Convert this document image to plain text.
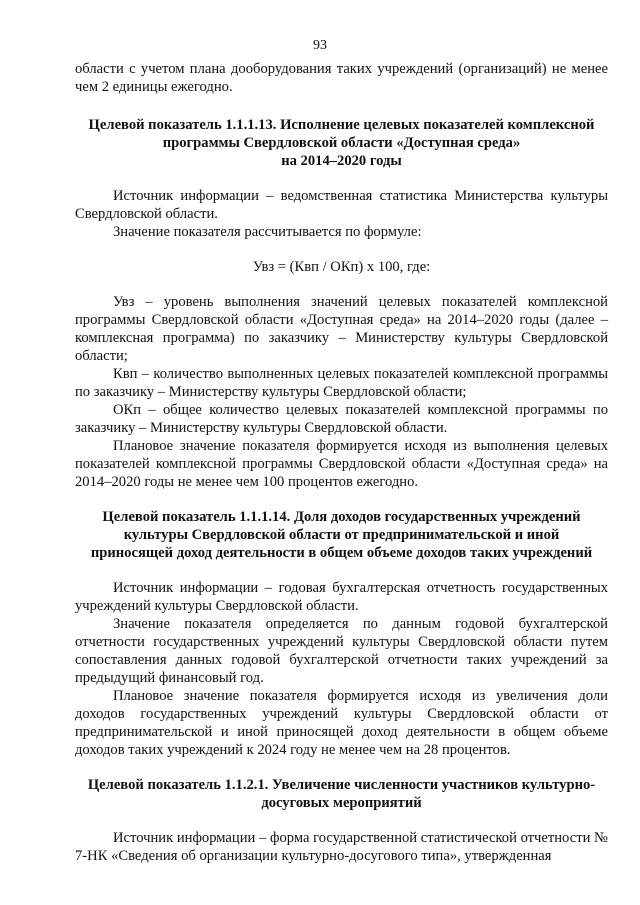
93

области с учетом плана дооборудования таких учреждений (организаций) не менее чем 2 единицы ежегодно.

Целевой показатель 1.1.1.13. Исполнение целевых показателей комплексной
программы Свердловской области «Доступная среда»
на 2014–2020 годы

Источник информации – ведомственная статистика Министерства культуры Свердловской области.

Значение показателя рассчитывается по формуле:

Увз = (Квп / ОКп) x 100, где:

Увз – уровень выполнения значений целевых показателей комплексной программы Свердловской области «Доступная среда» на 2014–2020 годы (далее – комплексная программа) по заказчику – Министерству культуры Свердловской области;

Квп – количество выполненных целевых показателей комплексной программы по заказчику – Министерству культуры Свердловской области;

ОКп – общее количество целевых показателей комплексной программы по заказчику – Министерству культуры Свердловской области.

Плановое значение показателя формируется исходя из выполнения целевых показателей комплексной программы Свердловской области «Доступная среда» на 2014–2020 годы не менее чем 100 процентов ежегодно.

Целевой показатель 1.1.1.14. Доля доходов государственных учреждений
культуры Свердловской области от предпринимательской и иной
приносящей доход деятельности в общем объеме доходов таких учреждений

Источник информации – годовая бухгалтерская отчетность государственных учреждений культуры Свердловской области.

Значение показателя определяется по данным годовой бухгалтерской отчетности государственных учреждений культуры Свердловской области путем сопоставления данных годовой бухгалтерской отчетности таких учреждений за предыдущий финансовый год.

Плановое значение показателя формируется исходя из увеличения доли доходов государственных учреждений культуры Свердловской области от предпринимательской и иной приносящей доход деятельности в общем объеме доходов таких учреждений к 2024 году не менее чем на 28 процентов.

Целевой показатель 1.1.2.1. Увеличение численности участников культурно-
досуговых мероприятий

Источник информации – форма государственной статистической отчетности № 7-НК «Сведения об организации культурно-досугового типа», утвержденная
